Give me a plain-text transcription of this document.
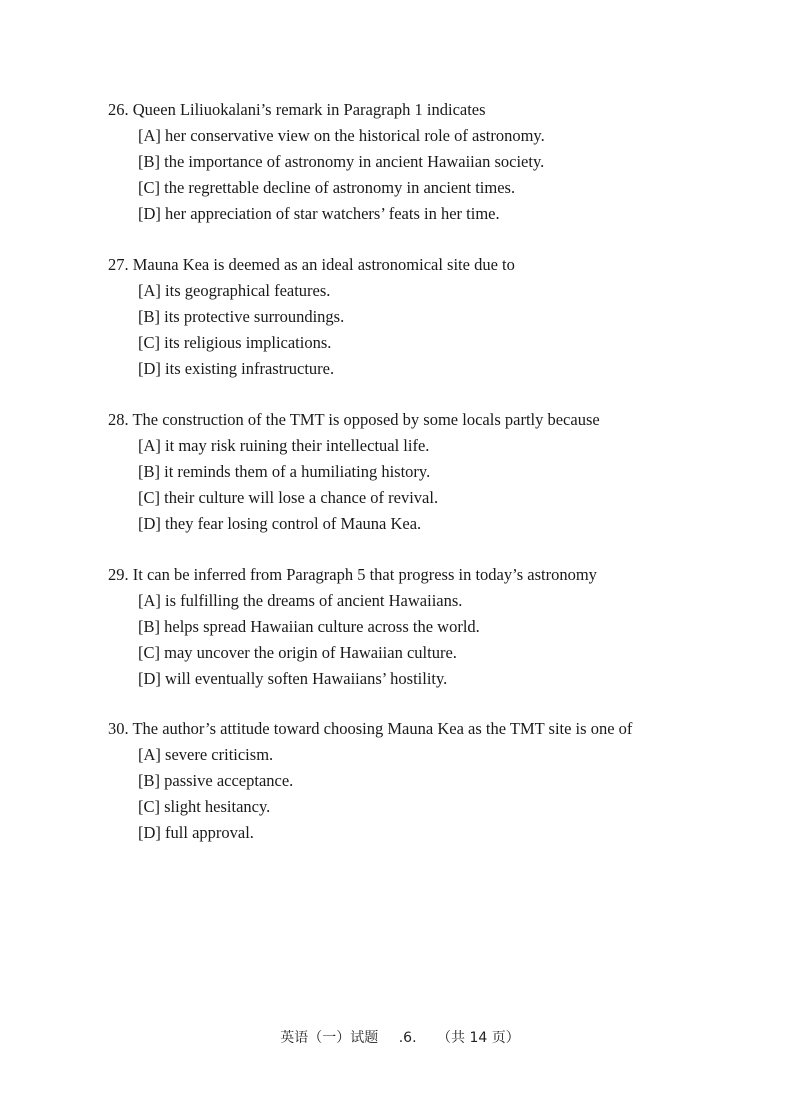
26. Queen Liliuokalani’s remark in Paragraph 1 indicates
[A] her conservative view on the historical role of astronomy.
[B] the importance of astronomy in ancient Hawaiian society.
[C] the regrettable decline of astronomy in ancient times.
[D] her appreciation of star watchers’ feats in her time.
27. Mauna Kea is deemed as an ideal astronomical site due to
[A] its geographical features.
[B] its protective surroundings.
[C] its religious implications.
[D] its existing infrastructure.
28. The construction of the TMT is opposed by some locals partly because
[A] it may risk ruining their intellectual life.
[B] it reminds them of a humiliating history.
[C] their culture will lose a chance of revival.
[D] they fear losing control of Mauna Kea.
29. It can be inferred from Paragraph 5 that progress in today’s astronomy
[A] is fulfilling the dreams of ancient Hawaiians.
[B] helps spread Hawaiian culture across the world.
[C] may uncover the origin of Hawaiian culture.
[D] will eventually soften Hawaiians’ hostility.
30. The author’s attitude toward choosing Mauna Kea as the TMT site is one of
[A] severe criticism.
[B] passive acceptance.
[C] slight hesitancy.
[D] full approval.
英语（一）试题 .6. （共 14 页）
